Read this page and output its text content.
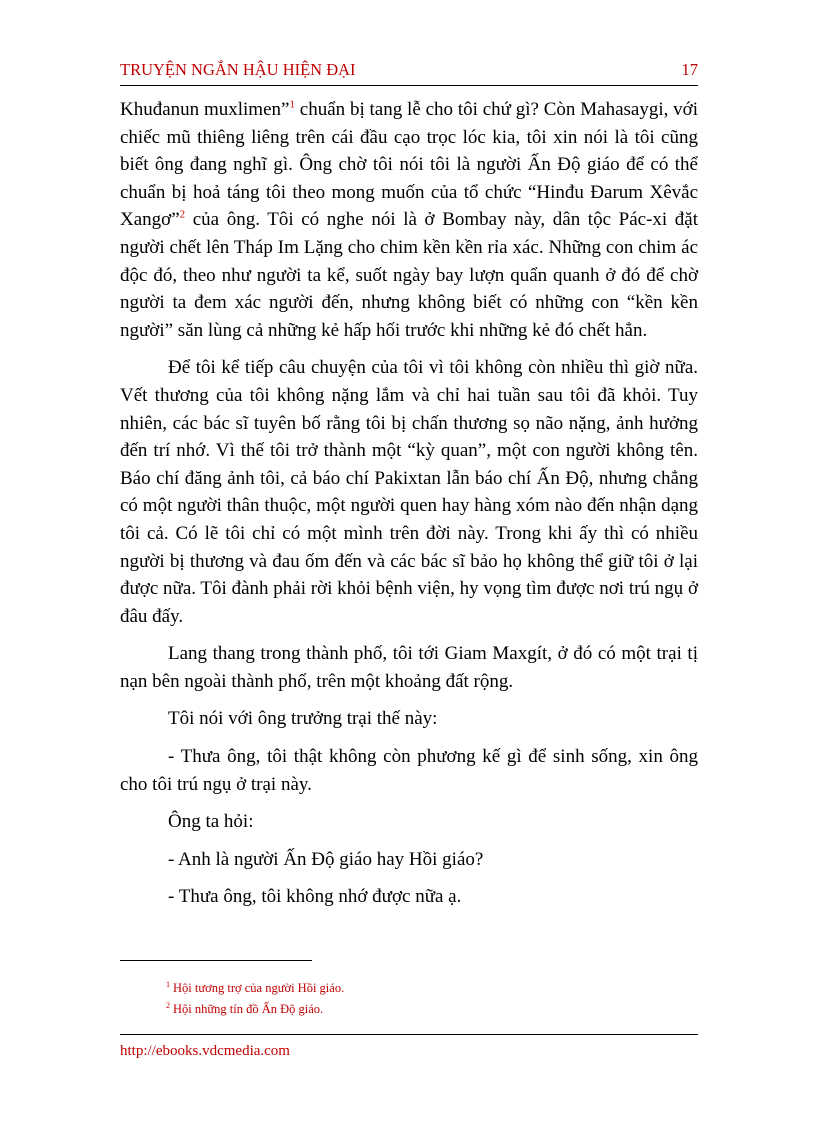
TRUYỆN NGẮN HẬU HIỆN ĐẠI	17

Khuđanun muxlimen”$^1$ chuẩn bị tang lễ cho tôi chứ gì? Còn Mahasaygi, với chiếc mũ thiêng liêng trên cái đầu cạo trọc lóc kia, tôi xin nói là tôi cũng biết ông đang nghĩ gì. Ông chờ tôi nói tôi là người Ấn Độ giáo để có thể chuẩn bị hoả táng tôi theo mong muốn của tổ chức “Hinđu Đarum Xêvắc Xangơ”$^2$ của ông. Tôi có nghe nói là ở Bombay này, dân tộc Pác-xi đặt người chết lên Tháp Im Lặng cho chim kền kền rỉa xác. Những con chim ác độc đó, theo như người ta kể, suốt ngày bay lượn quẩn quanh ở đó để chờ người ta đem xác người đến, nhưng không biết có những con “kền kền người” săn lùng cả những kẻ hấp hối trước khi những kẻ đó chết hẳn.

Để tôi kể tiếp câu chuyện của tôi vì tôi không còn nhiều thì giờ nữa. Vết thương của tôi không nặng lắm và chỉ hai tuần sau tôi đã khỏi. Tuy nhiên, các bác sĩ tuyên bố rằng tôi bị chấn thương sọ não nặng, ảnh hưởng đến trí nhớ. Vì thế tôi trở thành một “kỳ quan”, một con người không tên. Báo chí đăng ảnh tôi, cả báo chí Pakixtan lẫn báo chí Ấn Độ, nhưng chẳng có một người thân thuộc, một người quen hay hàng xóm nào đến nhận dạng tôi cả. Có lẽ tôi chỉ có một mình trên đời này. Trong khi ấy thì có nhiều người bị thương và đau ốm đến và các bác sĩ bảo họ không thể giữ tôi ở lại được nữa. Tôi đành phải rời khỏi bệnh viện, hy vọng tìm được nơi trú ngụ ở đâu đấy.

Lang thang trong thành phố, tôi tới Giam Maxgít, ở đó có một trại tị nạn bên ngoài thành phố, trên một khoảng đất rộng.

Tôi nói với ông trưởng trại thế này:

- Thưa ông, tôi thật không còn phương kế gì để sinh sống, xin ông cho tôi trú ngụ ở trại này.

Ông ta hỏi:

- Anh là người Ấn Độ giáo hay Hồi giáo?

- Thưa ông, tôi không nhớ được nữa ạ.

$^1$ Hội tương trợ của người Hồi giáo.
$^2$ Hội những tín đồ Ấn Độ giáo.
http://ebooks.vdcmedia.com
